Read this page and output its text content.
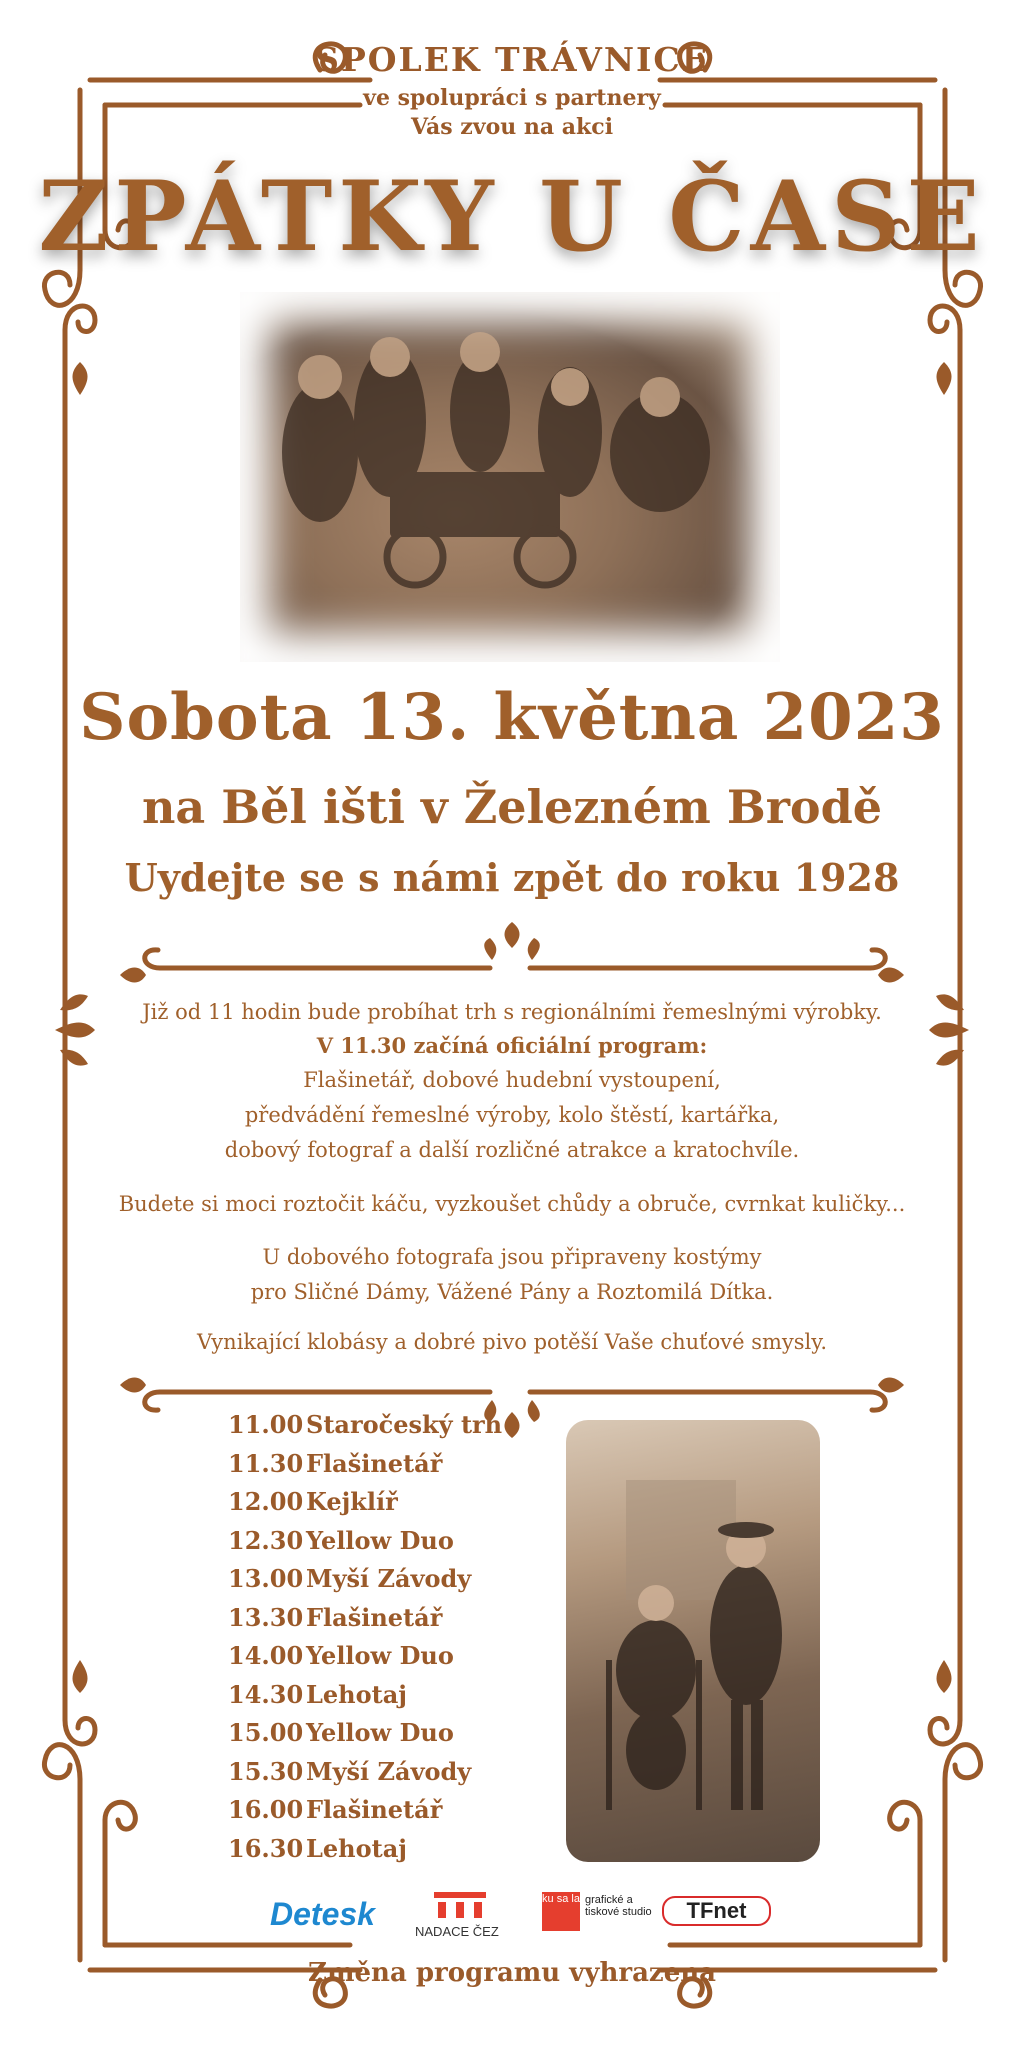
SPOLEK TRÁVNICE
ve spolupráci s partnery
Vás zvou na akci
ZPÁTKY U ČASE
Sobota 13. května 2023
na Běl išti v Železném Brodě
Uydejte se s námi zpět do roku 1928
Již od 11 hodin bude probíhat trh s regionálními řemeslnými výrobky.
V 11.30 začíná oficiální program:
Flašinetář, dobové hudební vystoupení,
předvádění řemeslné výroby, kolo štěstí, kartářka,
dobový fotograf a další rozličné atrakce a kratochvíle.
Budete si moci roztočit káču, vyzkoušet chůdy a obruče, cvrnkat kuličky...
U dobového fotografa jsou připraveny kostýmy
pro Sličné Dámy, Vážené Pány a Roztomilá Dítka.
Vynikající klobásy a dobré pivo potěší Vaše chuťové smysly.
11.00 Staročeský trh
11.30 Flašinetář
12.00 Kejklíř
12.30 Yellow Duo
13.00 Myší Závody
13.30 Flašinetář
14.00 Yellow Duo
14.30 Lehotaj
15.00 Yellow Duo
15.30 Myší Závody
16.00 Flašinetář
16.30 Lehotaj
Detesk	NADACE ČEZ
ku sa la grafické a tiskové studio	TFnet
Změna programu vyhrazena
